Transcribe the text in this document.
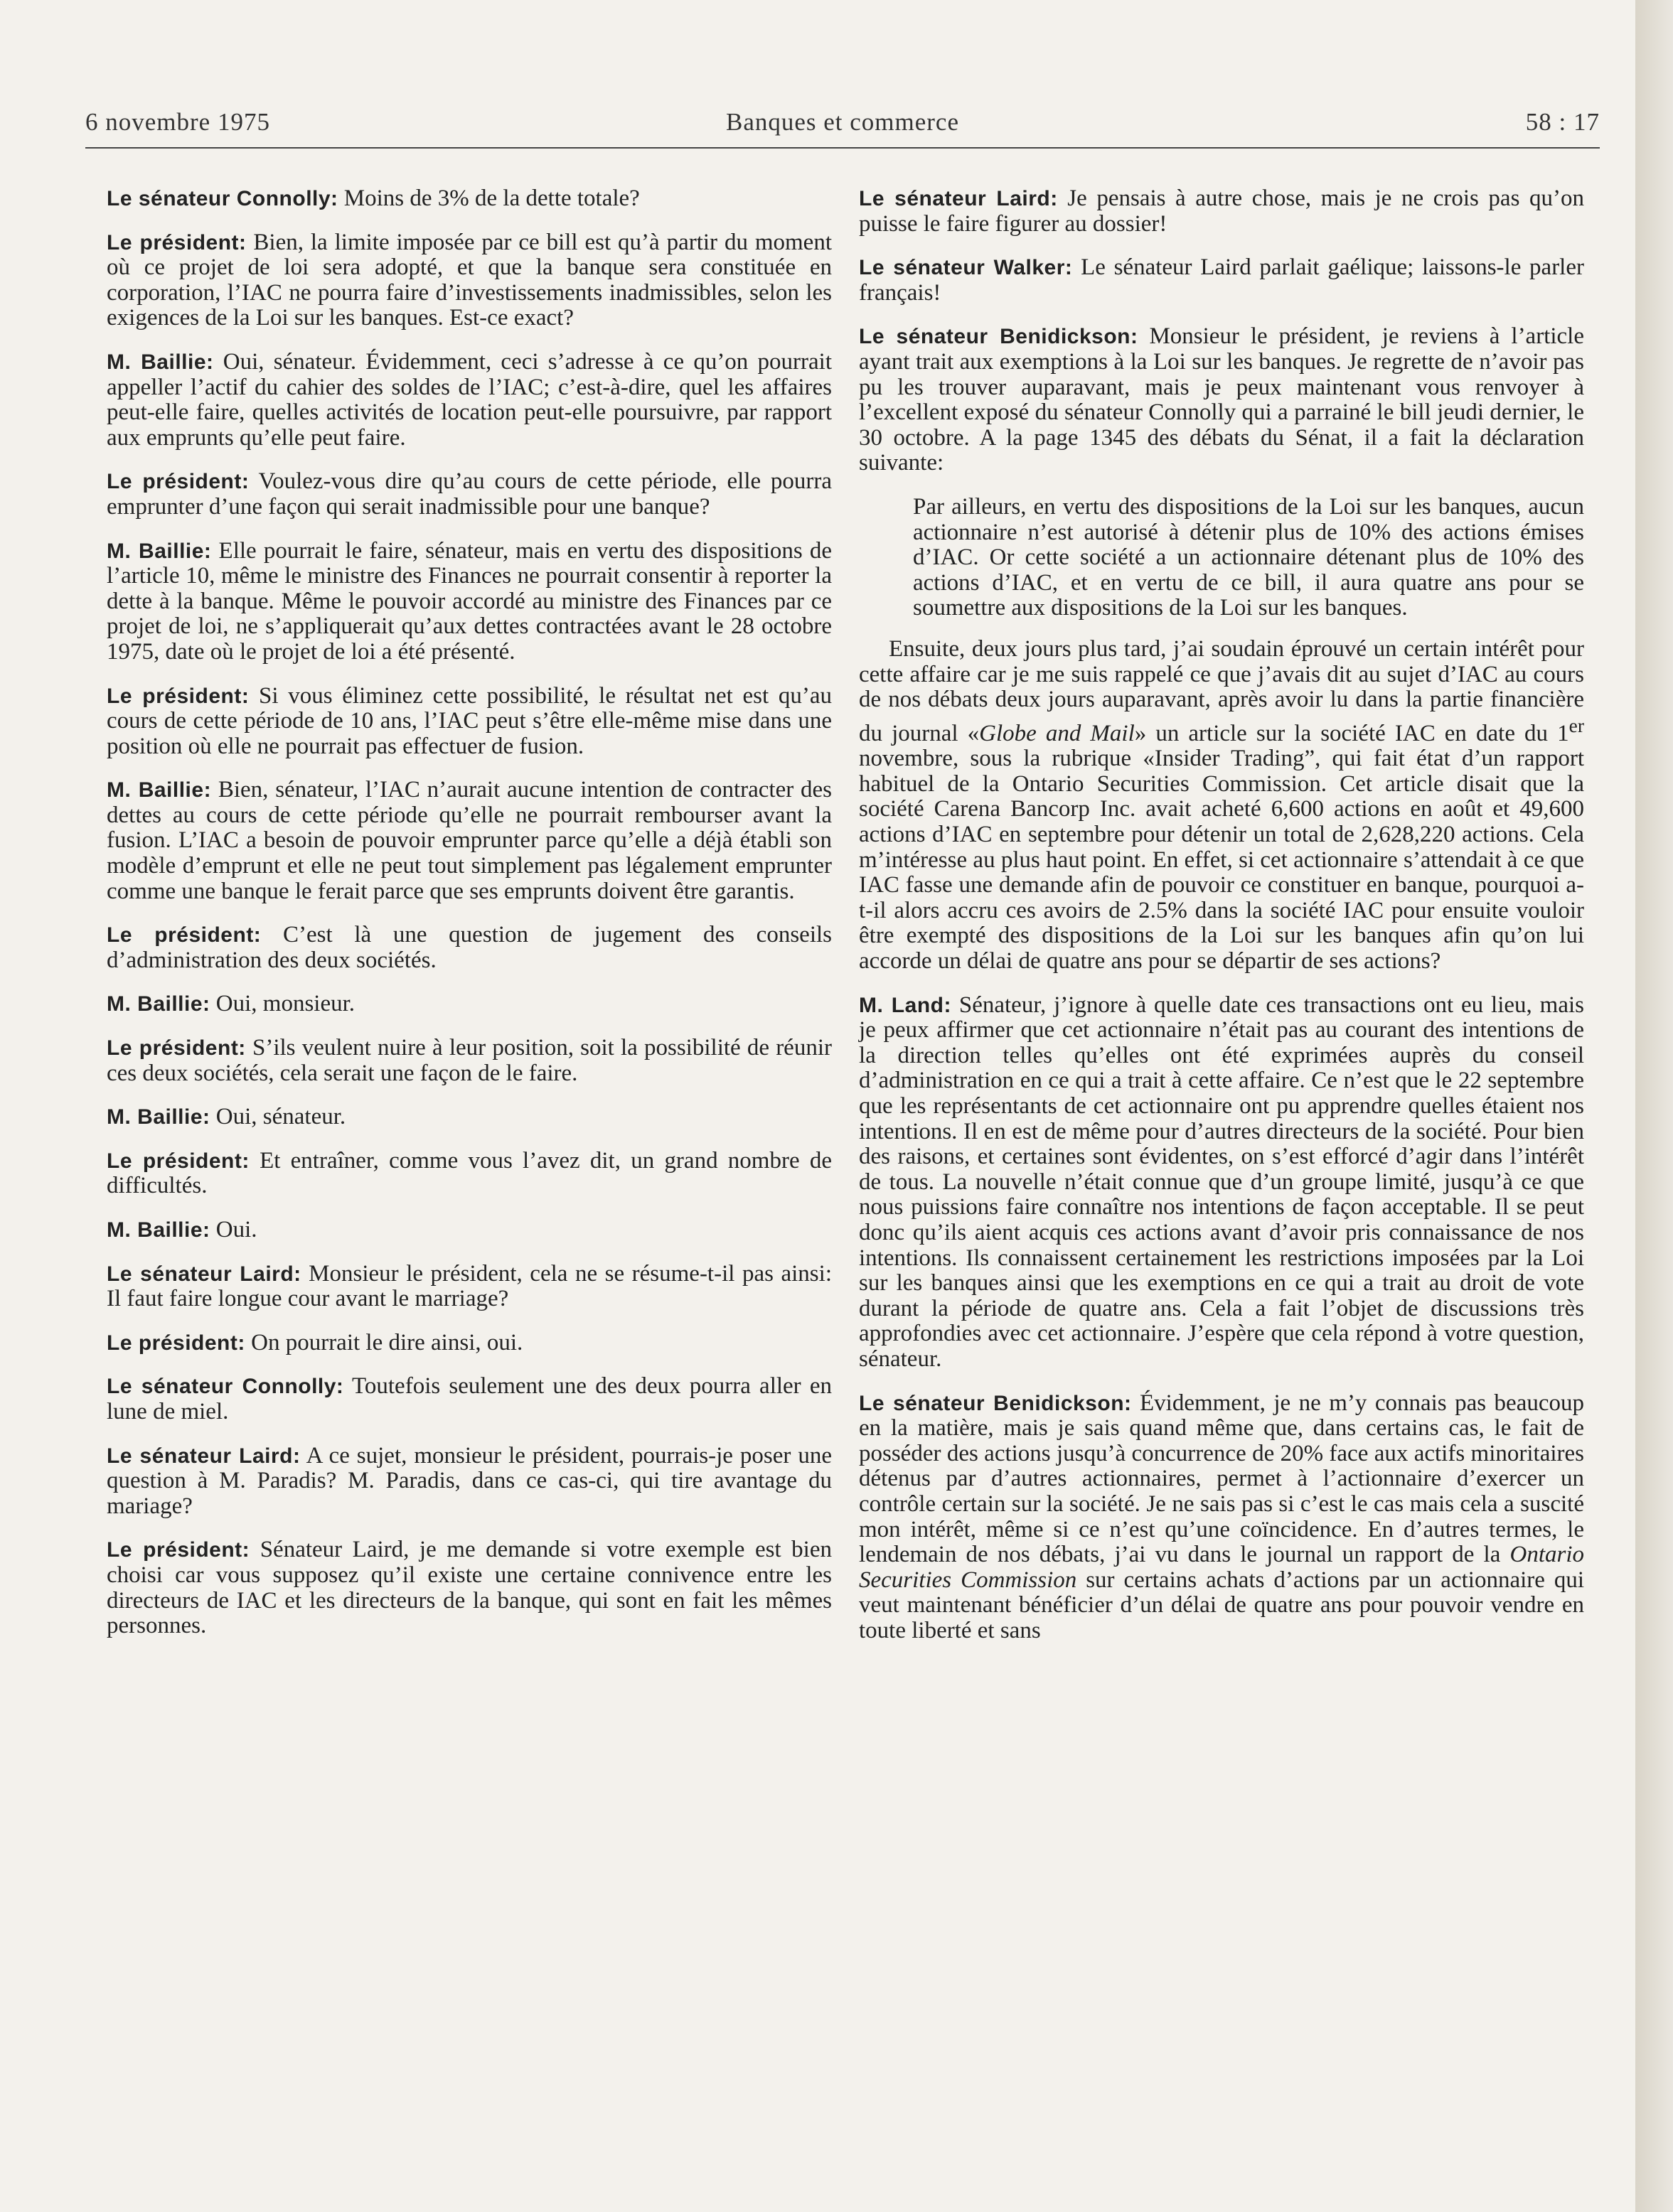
6 novembre 1975	Banques et commerce	58 : 17

Le sénateur Connolly: Moins de 3% de la dette totale?

Le président: Bien, la limite imposée par ce bill est qu’à partir du moment où ce projet de loi sera adopté, et que la banque sera constituée en corporation, l’IAC ne pourra faire d’investissements inadmissibles, selon les exigences de la Loi sur les banques. Est-ce exact?

M. Baillie: Oui, sénateur. Évidemment, ceci s’adresse à ce qu’on pourrait appeller l’actif du cahier des soldes de l’IAC; c’est-à-dire, quel les affaires peut-elle faire, quelles activités de location peut-elle poursuivre, par rapport aux emprunts qu’elle peut faire.

Le président: Voulez-vous dire qu’au cours de cette période, elle pourra emprunter d’une façon qui serait inadmissible pour une banque?

M. Baillie: Elle pourrait le faire, sénateur, mais en vertu des dispositions de l’article 10, même le ministre des Finances ne pourrait consentir à reporter la dette à la banque. Même le pouvoir accordé au ministre des Finances par ce projet de loi, ne s’appliquerait qu’aux dettes contractées avant le 28 octobre 1975, date où le projet de loi a été présenté.

Le président: Si vous éliminez cette possibilité, le résultat net est qu’au cours de cette période de 10 ans, l’IAC peut s’être elle-même mise dans une position où elle ne pourrait pas effectuer de fusion.

M. Baillie: Bien, sénateur, l’IAC n’aurait aucune intention de contracter des dettes au cours de cette période qu’elle ne pourrait rembourser avant la fusion. L’IAC a besoin de pouvoir emprunter parce qu’elle a déjà établi son modèle d’emprunt et elle ne peut tout simplement pas légalement emprunter comme une banque le ferait parce que ses emprunts doivent être garantis.

Le président: C’est là une question de jugement des conseils d’administration des deux sociétés.

M. Baillie: Oui, monsieur.

Le président: S’ils veulent nuire à leur position, soit la possibilité de réunir ces deux sociétés, cela serait une façon de le faire.

M. Baillie: Oui, sénateur.

Le président: Et entraîner, comme vous l’avez dit, un grand nombre de difficultés.

M. Baillie: Oui.

Le sénateur Laird: Monsieur le président, cela ne se résume-t-il pas ainsi: Il faut faire longue cour avant le marriage?

Le président: On pourrait le dire ainsi, oui.

Le sénateur Connolly: Toutefois seulement une des deux pourra aller en lune de miel.

Le sénateur Laird: A ce sujet, monsieur le président, pourrais-je poser une question à M. Paradis? M. Paradis, dans ce cas-ci, qui tire avantage du mariage?

Le président: Sénateur Laird, je me demande si votre exemple est bien choisi car vous supposez qu’il existe une certaine connivence entre les directeurs de IAC et les directeurs de la banque, qui sont en fait les mêmes personnes.

Le sénateur Laird: Je pensais à autre chose, mais je ne crois pas qu’on puisse le faire figurer au dossier!

Le sénateur Walker: Le sénateur Laird parlait gaélique; laissons-le parler français!

Le sénateur Benidickson: Monsieur le président, je reviens à l’article ayant trait aux exemptions à la Loi sur les banques. Je regrette de n’avoir pas pu les trouver auparavant, mais je peux maintenant vous renvoyer à l’excellent exposé du sénateur Connolly qui a parrainé le bill jeudi dernier, le 30 octobre. A la page 1345 des débats du Sénat, il a fait la déclaration suivante:

Par ailleurs, en vertu des dispositions de la Loi sur les banques, aucun actionnaire n’est autorisé à détenir plus de 10% des actions émises d’IAC. Or cette société a un actionnaire détenant plus de 10% des actions d’IAC, et en vertu de ce bill, il aura quatre ans pour se soumettre aux dispositions de la Loi sur les banques.

Ensuite, deux jours plus tard, j’ai soudain éprouvé un certain intérêt pour cette affaire car je me suis rappelé ce que j’avais dit au sujet d’IAC au cours de nos débats deux jours auparavant, après avoir lu dans la partie financière du journal «Globe and Mail» un article sur la société IAC en date du 1er novembre, sous la rubrique «Insider Trading”, qui fait état d’un rapport habituel de la Ontario Securities Commission. Cet article disait que la société Carena Bancorp Inc. avait acheté 6,600 actions en août et 49,600 actions d’IAC en septembre pour détenir un total de 2,628,220 actions. Cela m’intéresse au plus haut point. En effet, si cet actionnaire s’attendait à ce que IAC fasse une demande afin de pouvoir ce constituer en banque, pourquoi a-t-il alors accru ces avoirs de 2.5% dans la société IAC pour ensuite vouloir être exempté des dispositions de la Loi sur les banques afin qu’on lui accorde un délai de quatre ans pour se départir de ses actions?

M. Land: Sénateur, j’ignore à quelle date ces transactions ont eu lieu, mais je peux affirmer que cet actionnaire n’était pas au courant des intentions de la direction telles qu’elles ont été exprimées auprès du conseil d’administration en ce qui a trait à cette affaire. Ce n’est que le 22 septembre que les représentants de cet actionnaire ont pu apprendre quelles étaient nos intentions. Il en est de même pour d’autres directeurs de la société. Pour bien des raisons, et certaines sont évidentes, on s’est efforcé d’agir dans l’intérêt de tous. La nouvelle n’était connue que d’un groupe limité, jusqu’à ce que nous puissions faire connaître nos intentions de façon acceptable. Il se peut donc qu’ils aient acquis ces actions avant d’avoir pris connaissance de nos intentions. Ils connaissent certainement les restrictions imposées par la Loi sur les banques ainsi que les exemptions en ce qui a trait au droit de vote durant la période de quatre ans. Cela a fait l’objet de discussions très approfondies avec cet actionnaire. J’espère que cela répond à votre question, sénateur.

Le sénateur Benidickson: Évidemment, je ne m’y connais pas beaucoup en la matière, mais je sais quand même que, dans certains cas, le fait de posséder des actions jusqu’à concurrence de 20% face aux actifs minoritaires détenus par d’autres actionnaires, permet à l’actionnaire d’exercer un contrôle certain sur la société. Je ne sais pas si c’est le cas mais cela a suscité mon intérêt, même si ce n’est qu’une coïncidence. En d’autres termes, le lendemain de nos débats, j’ai vu dans le journal un rapport de la Ontario Securities Commission sur certains achats d’actions par un actionnaire qui veut maintenant bénéficier d’un délai de quatre ans pour pouvoir vendre en toute liberté et sans
